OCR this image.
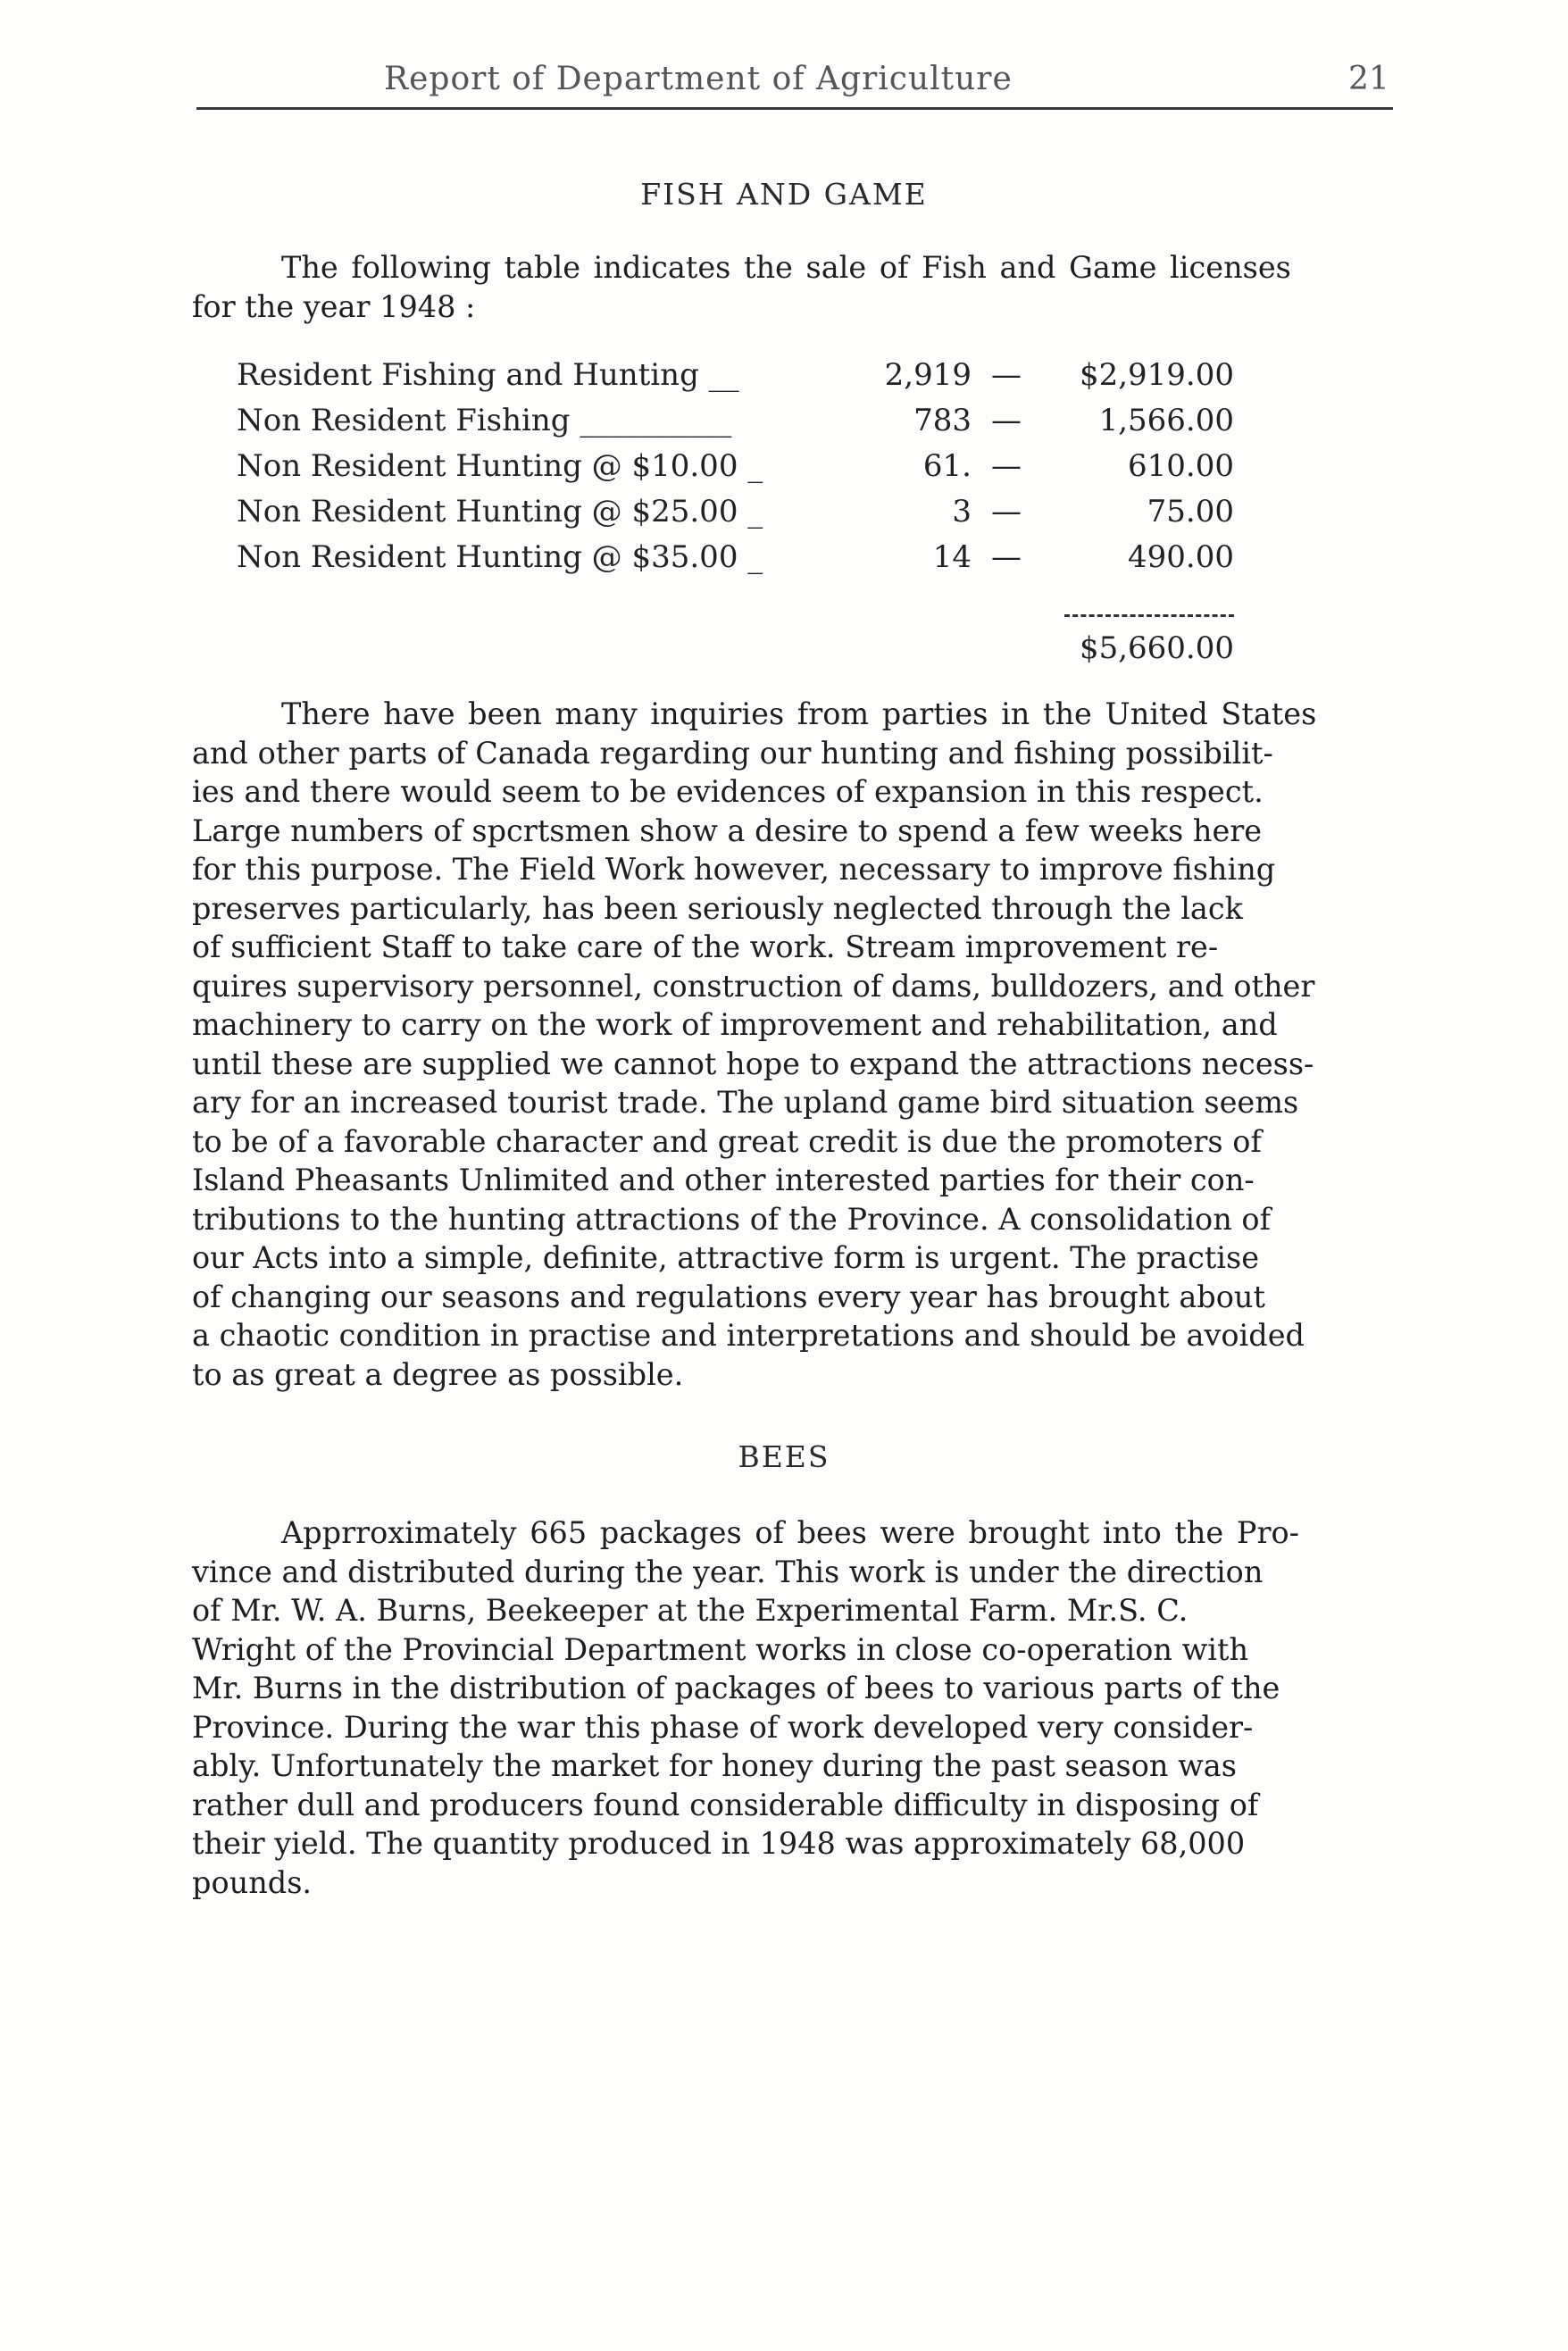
Report of Department of Agriculture	21
FISH AND GAME
The following table indicates the sale of Fish and Game licenses
for the year 1948 :
Resident Fishing and Hunting __	2,919 —	$2,919.00
Non Resident Fishing __________	783 —	1,566.00
Non Resident Hunting @ $10.00 _	61. —	610.00
Non Resident Hunting @ $25.00 _	3 —	75.00
Non Resident Hunting @ $35.00 _	14 —	490.00
$5,660.00
There have been many inquiries from parties in the United States
and other parts of Canada regarding our hunting and fishing possibilit-
ies and there would seem to be evidences of expansion in this respect.
Large numbers of spcrtsmen show a desire to spend a few weeks here
for this purpose. The Field Work however, necessary to improve fishing
preserves particularly, has been seriously neglected through the lack
of sufficient Staff to take care of the work. Stream improvement re-
quires supervisory personnel, construction of dams, bulldozers, and other
machinery to carry on the work of improvement and rehabilitation, and
until these are supplied we cannot hope to expand the attractions necess-
ary for an increased tourist trade. The upland game bird situation seems
to be of a favorable character and great credit is due the promoters of
Island Pheasants Unlimited and other interested parties for their con-
tributions to the hunting attractions of the Province. A consolidation of
our Acts into a simple, definite, attractive form is urgent. The practise
of changing our seasons and regulations every year has brought about
a chaotic condition in practise and interpretations and should be avoided
to as great a degree as possible.
BEES
Apprroximately 665 packages of bees were brought into the Pro-
vince and distributed during the year. This work is under the direction
of Mr. W. A. Burns, Beekeeper at the Experimental Farm. Mr.S. C.
Wright of the Provincial Department works in close co-operation with
Mr. Burns in the distribution of packages of bees to various parts of the
Province. During the war this phase of work developed very consider-
ably. Unfortunately the market for honey during the past season was
rather dull and producers found considerable difficulty in disposing of
their yield. The quantity produced in 1948 was approximately 68,000
pounds.
